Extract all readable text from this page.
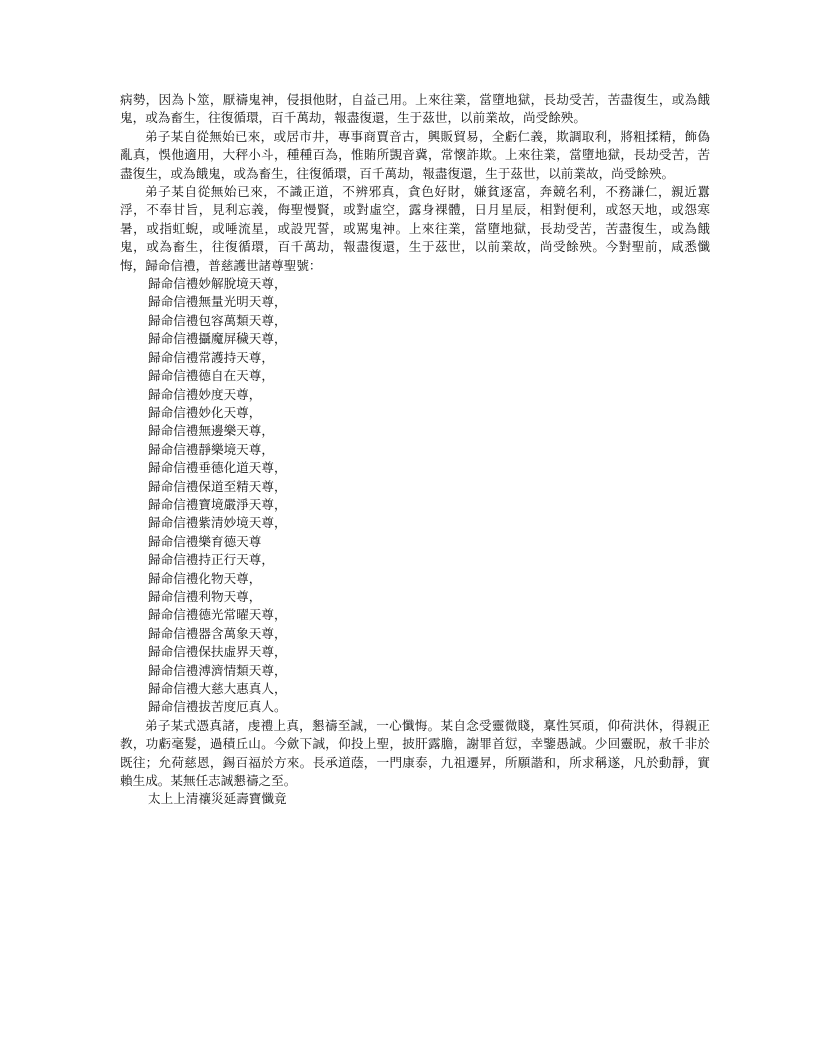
病勢，因為卜筮，厭禱鬼神，侵損他財，自益己用。上來往業，當墮地獄，長劫受苦，苦盡復生，或為餓鬼，或為畜生，往復循環，百千萬劫，報盡復還，生于茲世，以前業故，尚受餘殃。

弟子某自從無始已來，或居市井，專事商賈音古，興販貿易，全虧仁義，欺調取利，將粗揉精，飾偽亂真，悞他適用，大秤小斗，種種百為，惟賄所覬音冀，常懷詐欺。上來往業，當墮地獄，長劫受苦，苦盡復生，或為餓鬼，或為畜生，往復循環，百千萬劫，報盡復還，生于茲世，以前業故，尚受餘殃。

弟子某自從無始已來，不識正道，不辨邪真，貪色好財，嫌貧逐富，奔競名利，不務謙仁，親近囂浮，不奉甘旨，見利忘義，侮聖慢賢，或對虛空，露身裸體，日月星辰，相對便利，或怒天地，或怨寒暑，或指虹蜺，或唾流星，或設咒誓，或駡鬼神。上來往業，當墮地獄，長劫受苦，苦盡復生，或為餓鬼，或為畜生，往復循環，百千萬劫，報盡復還，生于茲世，以前業故，尚受餘殃。今對聖前，咸悉懺悔，歸命信禮，普慈護世諸尊聖號：

歸命信禮妙解脫境天尊，
歸命信禮無量光明天尊，
歸命信禮包容萬類天尊，
歸命信禮攝魔屏穢天尊，
歸命信禮常護持天尊，
歸命信禮德自在天尊，
歸命信禮妙度天尊，
歸命信禮妙化天尊，
歸命信禮無邊樂天尊，
歸命信禮靜樂境天尊，
歸命信禮垂德化道天尊，
歸命信禮保道至精天尊，
歸命信禮寶境嚴淨天尊，
歸命信禮紫清妙境天尊，
歸命信禮樂育德天尊
歸命信禮持正行天尊，
歸命信禮化物天尊，
歸命信禮利物天尊，
歸命信禮德光常曜天尊，
歸命信禮器含萬象天尊，
歸命信禮保扶虛界天尊，
歸命信禮溥濟情類天尊，
歸命信禮大慈大惠真人，
歸命信禮拔苦度厄真人。

弟子某式憑真諸，虔禮上真，懇禱至誠，一心懺悔。某自念受靈微賤，稟性冥頑，仰荷洪休，得親正教，功虧毫髮，過積丘山。今歛下誠，仰投上聖，披肝露膽，謝罪首愆，幸鑒愚誠。少回靈眖，赦千非於既往；允荷慈恩，錫百福於方來。長承道蔭，一門康泰，九祖遷昇，所願諧和，所求稱遂，凡於動靜，實賴生成。某無任志誠懇禱之至。

太上上清禳災延壽寶懺竟
